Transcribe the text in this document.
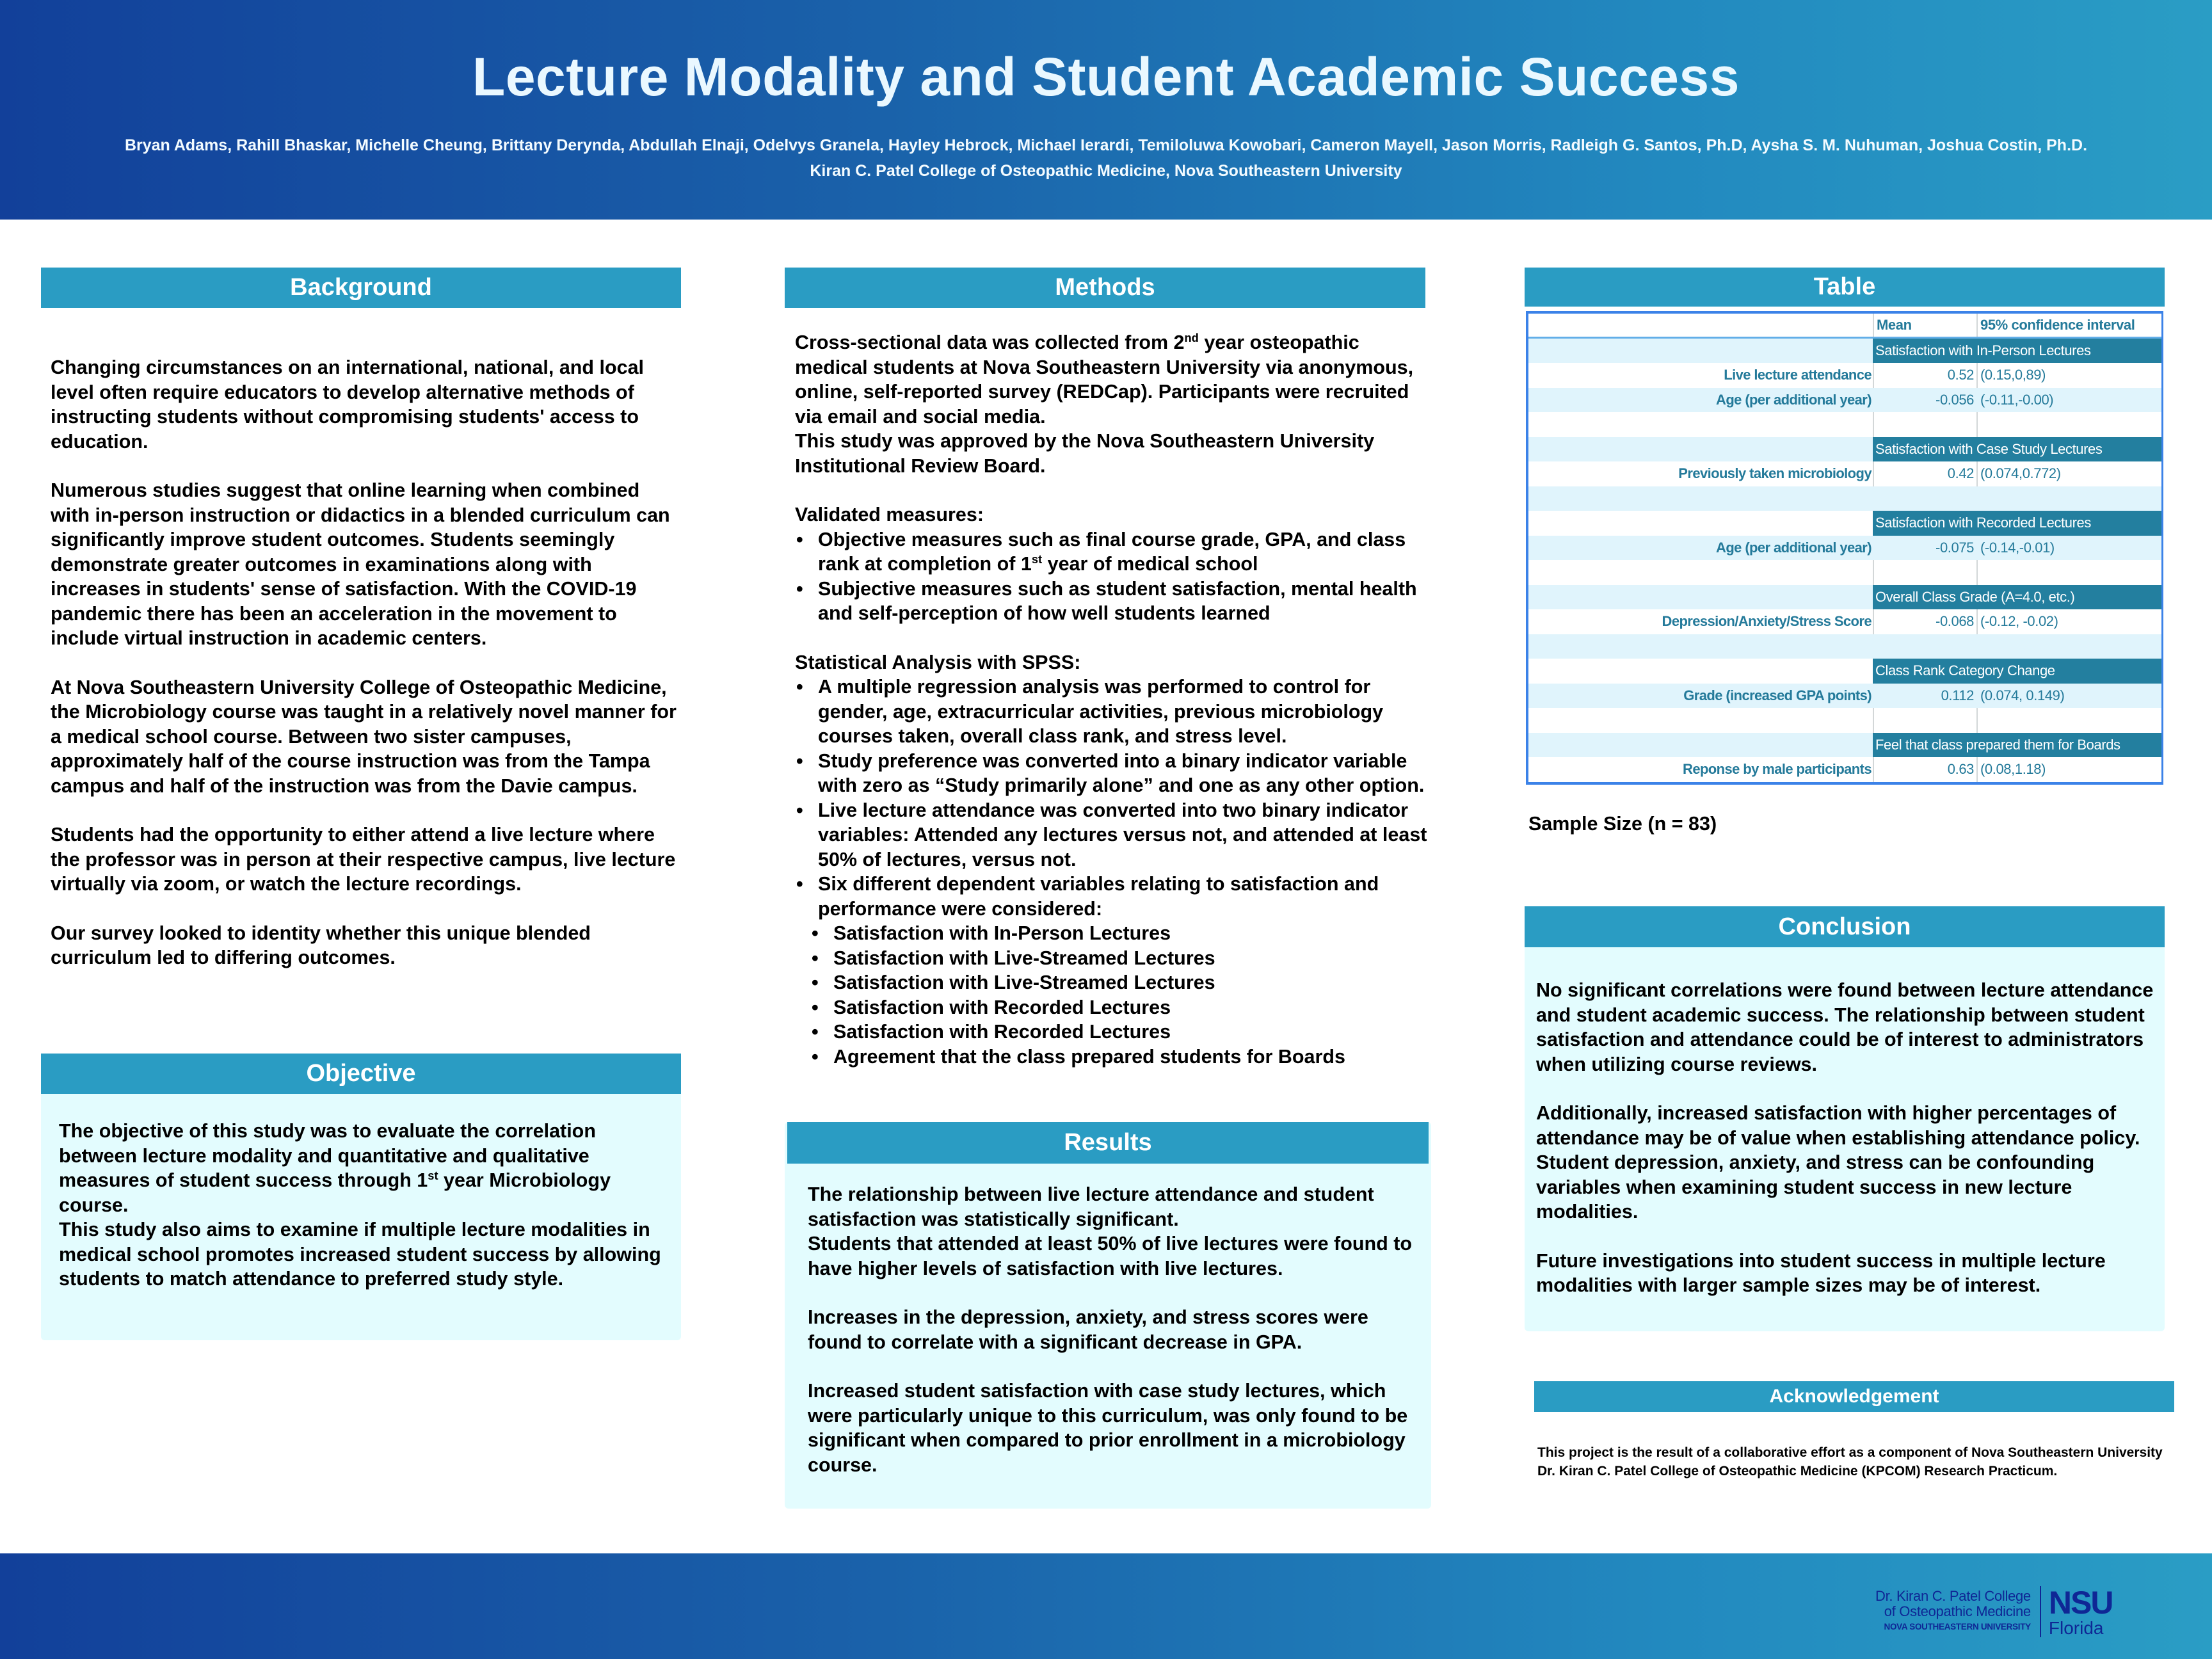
Lecture Modality and Student Academic Success
Bryan Adams, Rahill Bhaskar, Michelle Cheung, Brittany Derynda, Abdullah Elnaji, Odelvys Granela, Hayley Hebrock, Michael Ierardi, Temiloluwa Kowobari, Cameron Mayell, Jason Morris, Radleigh G. Santos, Ph.D, Aysha S. M. Nuhuman, Joshua Costin, Ph.D.
Kiran C. Patel College of Osteopathic Medicine, Nova Southeastern University
Background

Changing circumstances on an international, national, and local level often require educators to develop alternative methods of instructing students without compromising students' access to education.

Numerous studies suggest that online learning when combined with in-person instruction or didactics in a blended curriculum can significantly improve student outcomes. Students seemingly demonstrate greater outcomes in examinations along with increases in students' sense of satisfaction. With the COVID-19 pandemic there has been an acceleration in the movement to include virtual instruction in academic centers.

At Nova Southeastern University College of Osteopathic Medicine, the Microbiology course was taught in a relatively novel manner for a medical school course. Between two sister campuses, approximately half of the course instruction was from the Tampa campus and half of the instruction was from the Davie campus.

Students had the opportunity to either attend a live lecture where the professor was in person at their respective campus, live lecture virtually via zoom, or watch the lecture recordings.

Our survey looked to identity whether this unique blended curriculum led to differing outcomes.

Objective

The objective of this study was to evaluate the correlation between lecture modality and quantitative and qualitative measures of student success through 1st year Microbiology course.

This study also aims to examine if multiple lecture modalities in medical school promotes increased student success by allowing students to match attendance to preferred study style.

Methods

Cross-sectional data was collected from 2nd year osteopathic medical students at Nova Southeastern University via anonymous, online, self-reported survey (REDCap). Participants were recruited via email and social media.

This study was approved by the Nova Southeastern University Institutional Review Board.

Validated measures:

• Objective measures such as final course grade, GPA, and class rank at completion of 1st year of medical school
• Subjective measures such as student satisfaction, mental health and self-perception of how well students learned

Statistical Analysis with SPSS:

• A multiple regression analysis was performed to control for gender, age, extracurricular activities, previous microbiology courses taken, overall class rank, and stress level.
• Study preference was converted into a binary indicator variable with zero as “Study primarily alone” and one as any other option.
• Live lecture attendance was converted into two binary indicator variables: Attended any lectures versus not, and attended at least 50% of lectures, versus not.
• Six different dependent variables relating to satisfaction and performance were considered:
• Satisfaction with In-Person Lectures
• Satisfaction with Live-Streamed Lectures
• Satisfaction with Live-Streamed Lectures
• Satisfaction with Recorded Lectures
• Satisfaction with Recorded Lectures
• Agreement that the class prepared students for Boards
Results

The relationship between live lecture attendance and student satisfaction was statistically significant.

Students that attended at least 50% of live lectures were found to have higher levels of satisfaction with live lectures.

Increases in the depression, anxiety, and stress scores were found to correlate with a significant decrease in GPA.

Increased student satisfaction with case study lectures, which were particularly unique to this curriculum, was only found to be significant when compared to prior enrollment in a microbiology course.

Table
Mean	95% confidence interval
Satisfaction with In-Person Lectures
Live lecture attendance	0.52 (0.15,0,89)
Age (per additional year)	-0.056 (-0.11,-0.00)
Satisfaction with Case Study Lectures
Previously taken microbiology	0.42 (0.074,0.772)
Satisfaction with Recorded Lectures
Age (per additional year)	-0.075 (-0.14,-0.01)
Overall Class Grade (A=4.0, etc.)
Depression/Anxiety/Stress Score	-0.068 (-0.12, -0.02)
Class Rank Category Change
Grade (increased GPA points)	0.112 (0.074, 0.149)
Feel that class prepared them for Boards
Reponse by male participants	0.63 (0.08,1.18)
Sample Size (n = 83)
Conclusion

No significant correlations were found between lecture attendance and student academic success. The relationship between student satisfaction and attendance could be of interest to administrators when utilizing course reviews.

Additionally, increased satisfaction with higher percentages of attendance may be of value when establishing attendance policy. Student depression, anxiety, and stress can be confounding variables when examining student success in new lecture modalities.

Future investigations into student success in multiple lecture modalities with larger sample sizes may be of interest.

Acknowledgement
This project is the result of a collaborative effort as a component of Nova Southeastern University Dr. Kiran C. Patel College of Osteopathic Medicine (KPCOM) Research Practicum.
Dr. Kiran C. Patel College
of Osteopathic Medicine
NOVA SOUTHEASTERN UNIVERSITY
NSU
Florida
